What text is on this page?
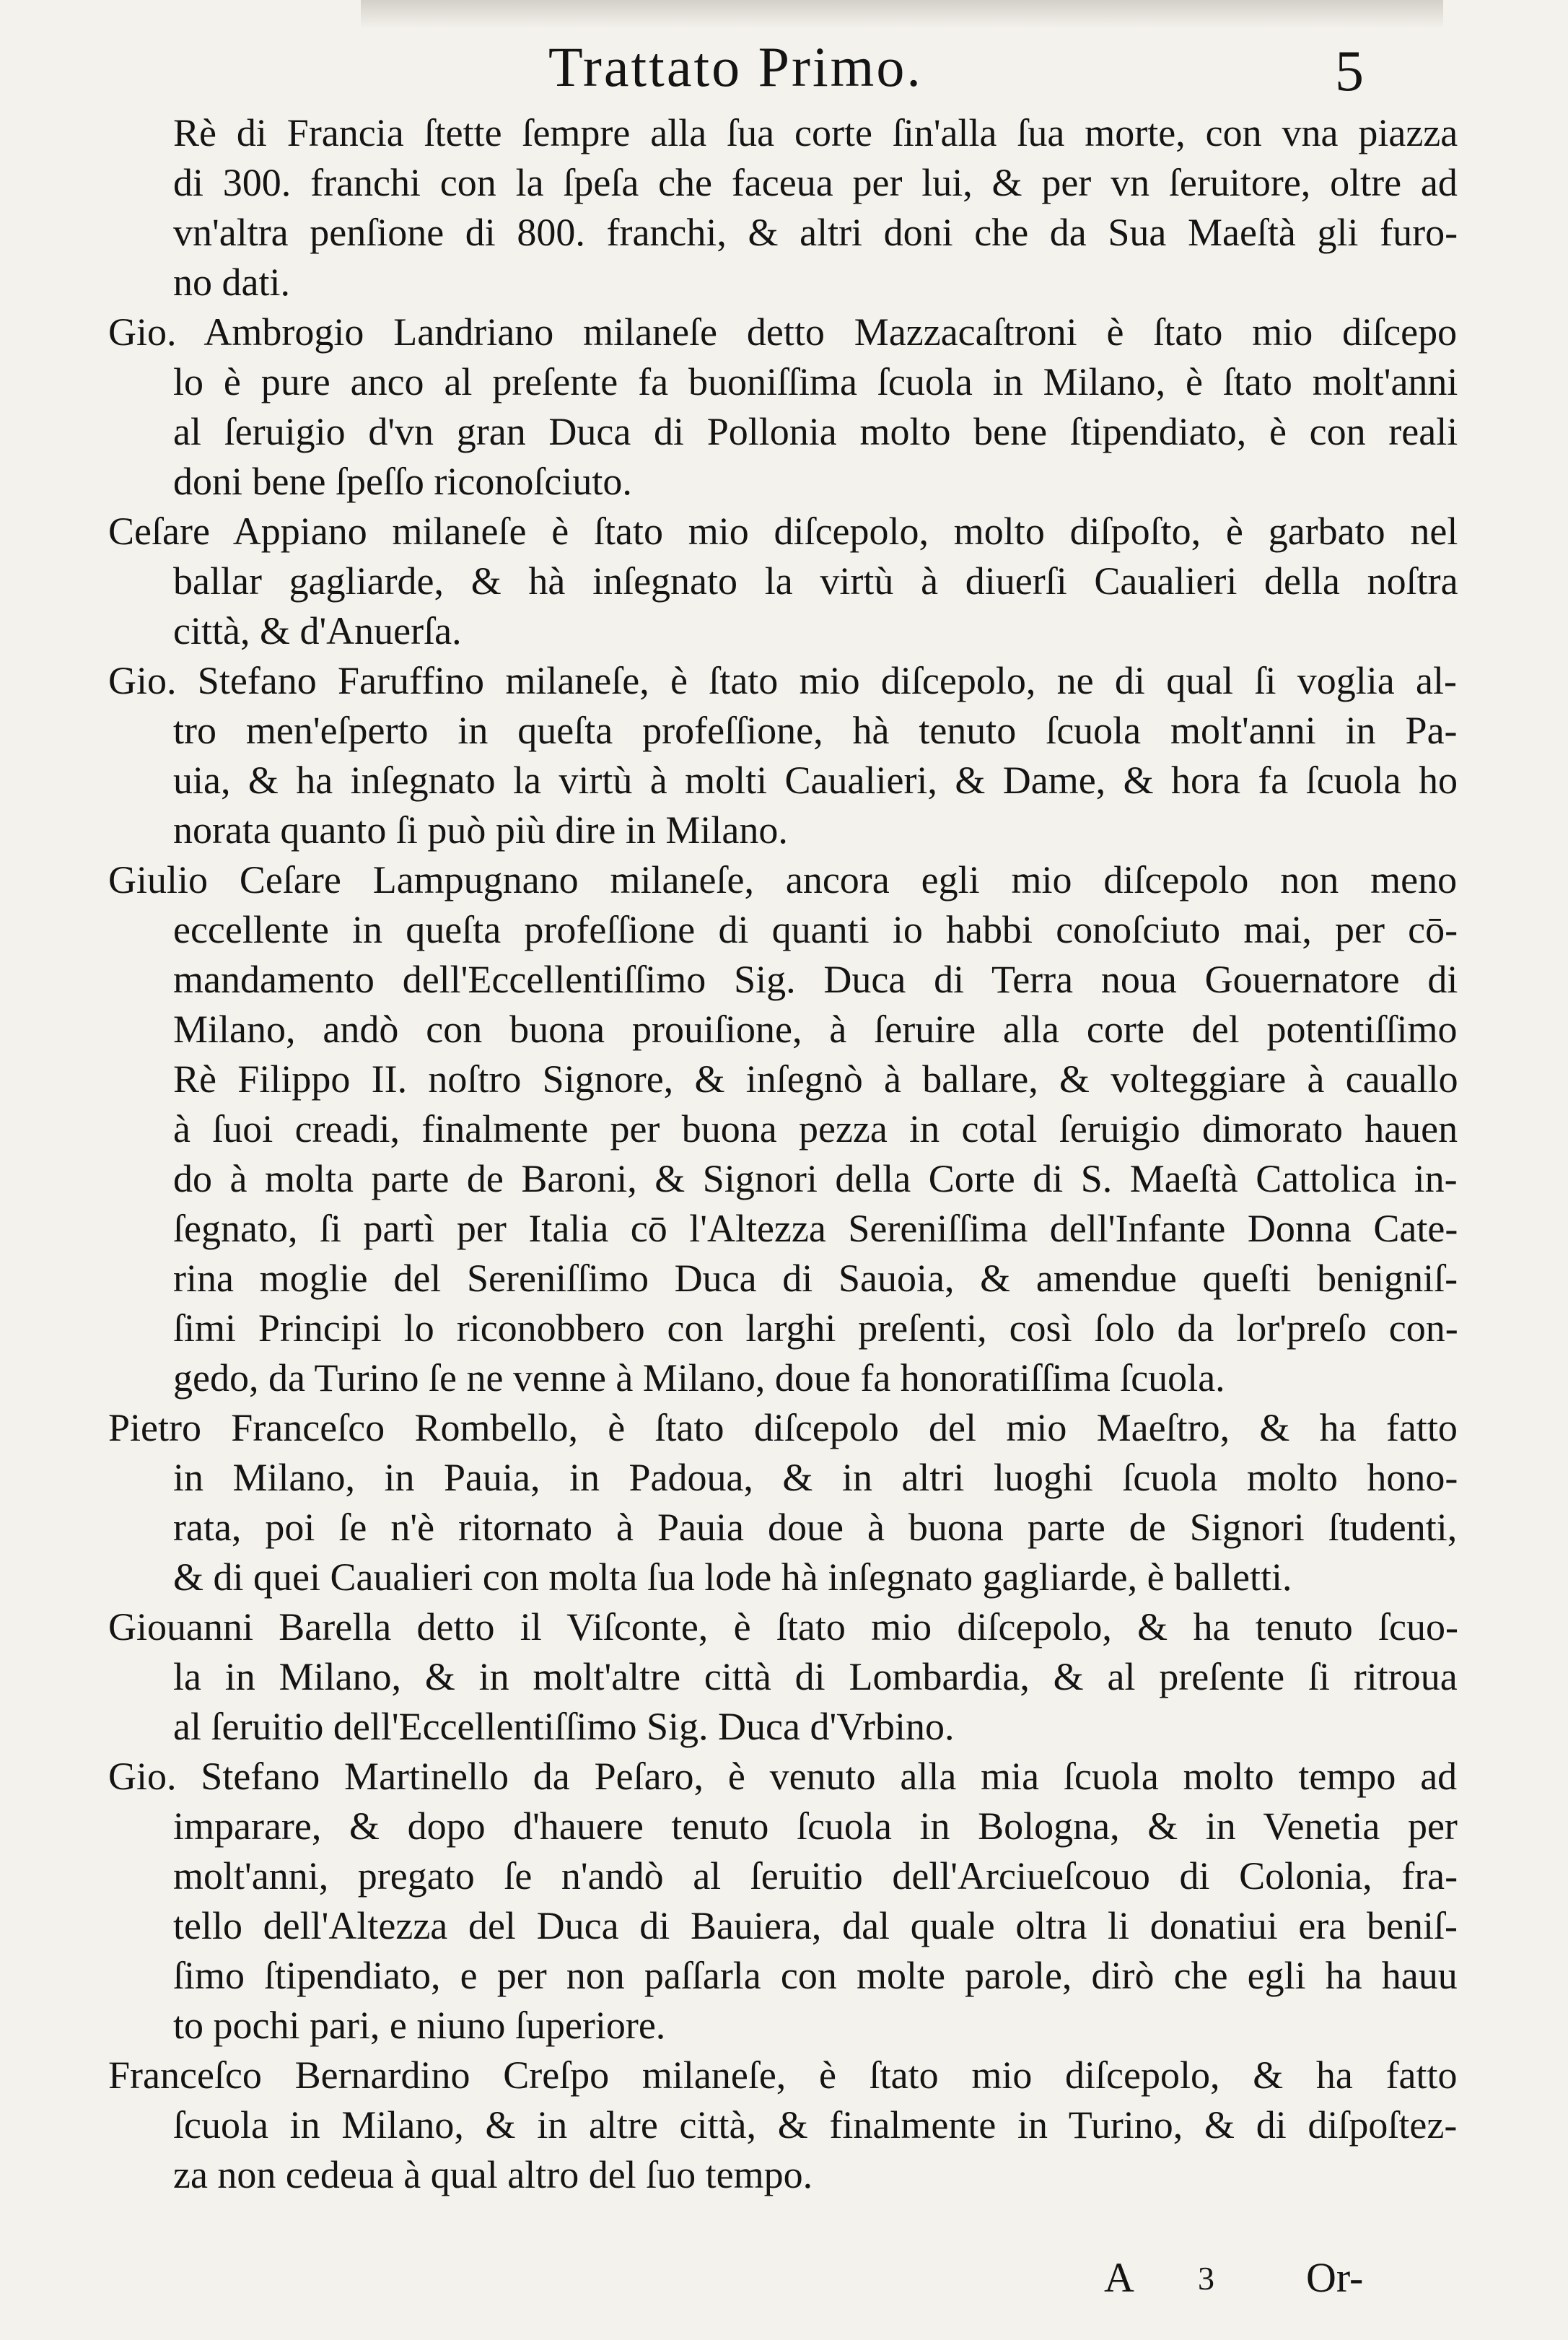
Trattato Primo.	5
Rè di Francia ſtette ſempre alla ſua corte ſin'alla ſua morte, con vna piazza
di 300. franchi con la ſpeſa che faceua per lui, & per vn ſeruitore, oltre ad
vn'altra penſione di 800. franchi, & altri doni che da Sua Maeſtà gli furo-
no dati.
Gio. Ambrogio Landriano milaneſe detto Mazzacaſtroni è ſtato mio diſcepo
lo è pure anco al preſente fa buoniſſima ſcuola in Milano, è ſtato molt'anni
al ſeruigio d'vn gran Duca di Pollonia molto bene ſtipendiato, è con reali
doni bene ſpeſſo riconoſciuto.
Ceſare Appiano milaneſe è ſtato mio diſcepolo, molto diſpoſto, è garbato nel
ballar gagliarde, & hà inſegnato la virtù à diuerſi Caualieri della noſtra
città, & d'Anuerſa.
Gio. Stefano Faruffino milaneſe, è ſtato mio diſcepolo, ne di qual ſi voglia al-
tro men'eſperto in queſta profeſſione, hà tenuto ſcuola molt'anni in Pa-
uia, & ha inſegnato la virtù à molti Caualieri, & Dame, & hora fa ſcuola ho
norata quanto ſi può più dire in Milano.
Giulio Ceſare Lampugnano milaneſe, ancora egli mio diſcepolo non meno
eccellente in queſta profeſſione di quanti io habbi conoſciuto mai, per cō-
mandamento dell'Eccellentiſſimo Sig. Duca di Terra noua Gouernatore di
Milano, andò con buona prouiſione, à ſeruire alla corte del potentiſſimo
Rè Filippo II. noſtro Signore, & inſegnò à ballare, & volteggiare à cauallo
à ſuoi creadi, finalmente per buona pezza in cotal ſeruigio dimorato hauen
do à molta parte de Baroni, & Signori della Corte di S. Maeſtà Cattolica in-
ſegnato, ſi partì per Italia cō l'Altezza Sereniſſima dell'Infante Donna Cate-
rina moglie del Sereniſſimo Duca di Sauoia, & amendue queſti benigniſ-
ſimi Principi lo riconobbero con larghi preſenti, così ſolo da lor'preſo con-
gedo, da Turino ſe ne venne à Milano, doue fa honoratiſſima ſcuola.
Pietro Franceſco Rombello, è ſtato diſcepolo del mio Maeſtro, & ha fatto
in Milano, in Pauia, in Padoua, & in altri luoghi ſcuola molto hono-
rata, poi ſe n'è ritornato à Pauia doue à buona parte de Signori ſtudenti,
& di quei Caualieri con molta ſua lode hà inſegnato gagliarde, è balletti.
Giouanni Barella detto il Viſconte, è ſtato mio diſcepolo, & ha tenuto ſcuo-
la in Milano, & in molt'altre città di Lombardia, & al preſente ſi ritroua
al ſeruitio dell'Eccellentiſſimo Sig. Duca d'Vrbino.
Gio. Stefano Martinello da Peſaro, è venuto alla mia ſcuola molto tempo ad
imparare, & dopo d'hauere tenuto ſcuola in Bologna, & in Venetia per
molt'anni, pregato ſe n'andò al ſeruitio dell'Arciueſcouo di Colonia, fra-
tello dell'Altezza del Duca di Bauiera, dal quale oltra li donatiui era beniſ-
ſimo ſtipendiato, e per non paſſarla con molte parole, dirò che egli ha hauu
to pochi pari, e niuno ſuperiore.
Franceſco Bernardino Creſpo milaneſe, è ſtato mio diſcepolo, & ha fatto
ſcuola in Milano, & in altre città, & finalmente in Turino, & di diſpoſtez-
za non cedeua à qual altro del ſuo tempo.
A 3 Or-
